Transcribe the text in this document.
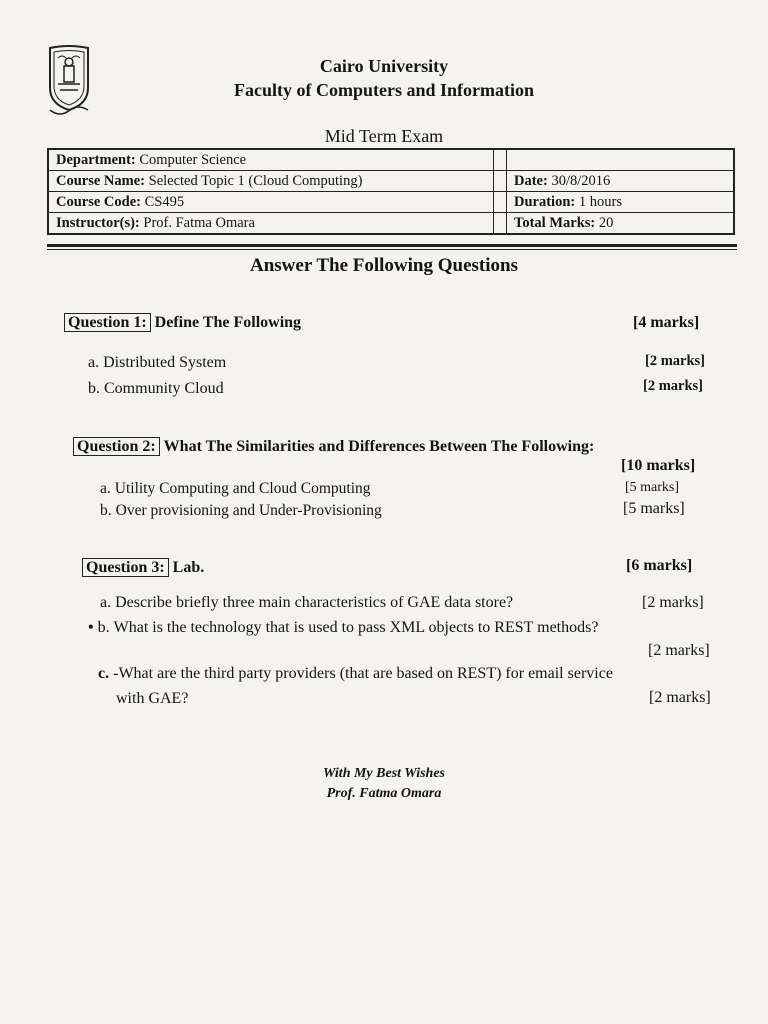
Cairo University
Faculty of Computers and Information
Mid Term Exam
Department: Computer Science		
Course Name: Selected Topic 1 (Cloud Computing)		Date: 30/8/2016
Course Code: CS495		Duration: 1 hours
Instructor(s): Prof. Fatma Omara		Total Marks: 20
Answer The Following Questions
Question 1: Define The Following	[4 marks]
a. Distributed System	[2 marks]
b. Community Cloud	[2 marks]
Question 2: What The Similarities and Differences Between The Following:
[10 marks]
a. Utility Computing and Cloud Computing	[5 marks]
b. Over provisioning and Under-Provisioning	[5 marks]
Question 3: Lab.	[6 marks]
a. Describe briefly three main characteristics of GAE data store?	[2 marks]
• b. What is the technology that is used to pass XML objects to REST methods?
[2 marks]
c. -What are the third party providers (that are based on REST) for email service
with GAE?	[2 marks]
With My Best Wishes
Prof. Fatma Omara
